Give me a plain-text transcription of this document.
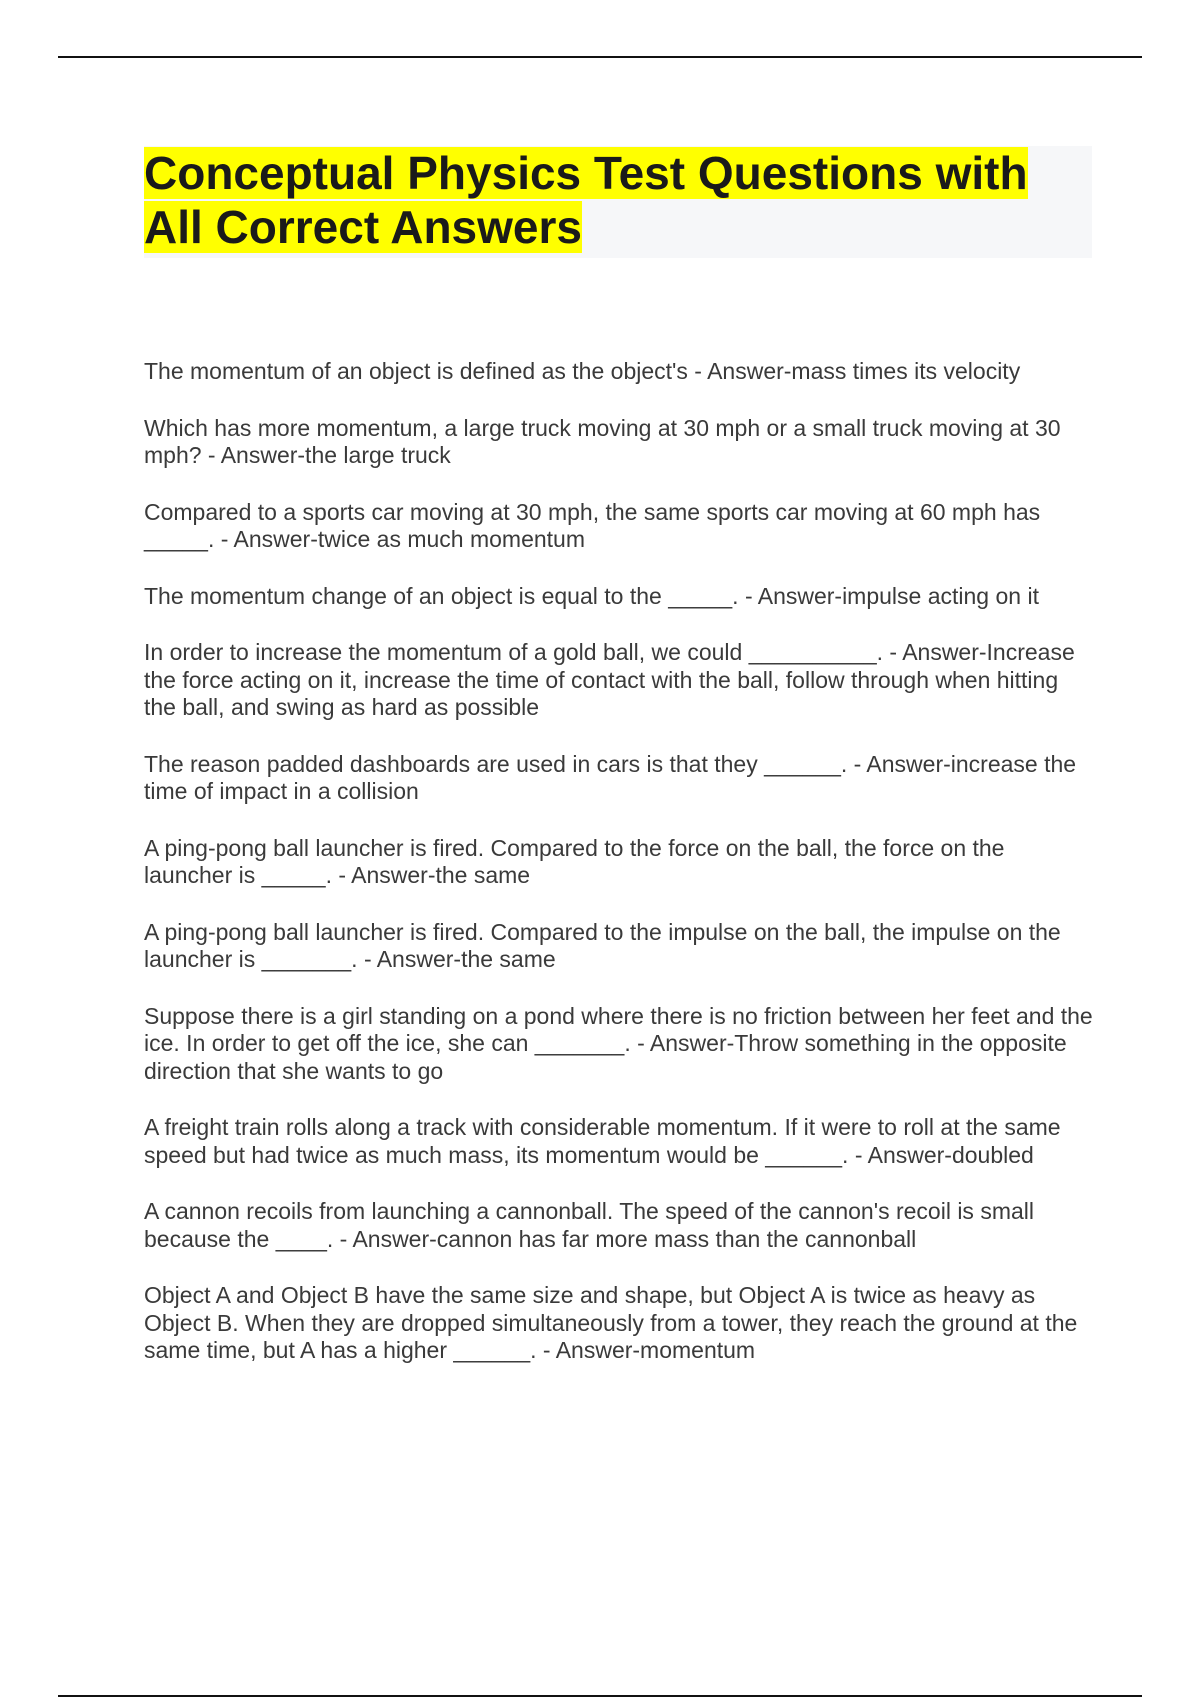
Conceptual Physics Test Questions with
All Correct Answers

The momentum of an object is defined as the object's - Answer-mass times its velocity

Which has more momentum, a large truck moving at 30 mph or a small truck moving at 30 mph? - Answer-the large truck

Compared to a sports car moving at 30 mph, the same sports car moving at 60 mph has _____. - Answer-twice as much momentum

The momentum change of an object is equal to the _____. - Answer-impulse acting on it

In order to increase the momentum of a gold ball, we could __________. - Answer-Increase the force acting on it, increase the time of contact with the ball, follow through when hitting the ball, and swing as hard as possible

The reason padded dashboards are used in cars is that they ______. - Answer-increase the time of impact in a collision

A ping-pong ball launcher is fired. Compared to the force on the ball, the force on the launcher is _____. - Answer-the same

A ping-pong ball launcher is fired. Compared to the impulse on the ball, the impulse on the launcher is _______. - Answer-the same

Suppose there is a girl standing on a pond where there is no friction between her feet and the ice. In order to get off the ice, she can _______. - Answer-Throw something in the opposite direction that she wants to go

A freight train rolls along a track with considerable momentum. If it were to roll at the same speed but had twice as much mass, its momentum would be ______. - Answer-doubled

A cannon recoils from launching a cannonball. The speed of the cannon's recoil is small because the ____. - Answer-cannon has far more mass than the cannonball

Object A and Object B have the same size and shape, but Object A is twice as heavy as Object B. When they are dropped simultaneously from a tower, they reach the ground at the same time, but A has a higher ______. - Answer-momentum
